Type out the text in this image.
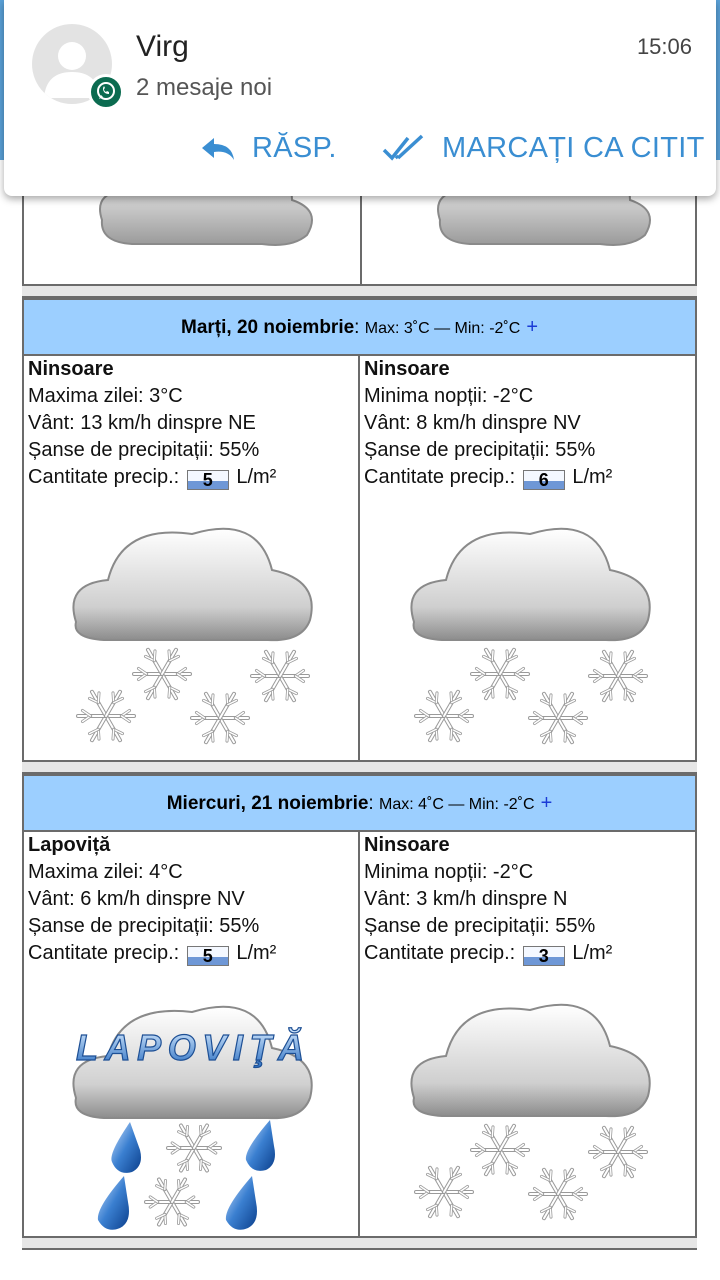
Marți, 20 noiembrie: Max: 3˚C — Min: -2˚C +
Ninsoare
Maxima zilei: 3°C
Vânt: 13 km/h dinspre NE
Șanse de precipitații: 55%
Cantitate precip.: 5 L/m²
Ninsoare
Minima nopții: -2°C
Vânt: 8 km/h dinspre NV
Șanse de precipitații: 55%
Cantitate precip.: 6 L/m²
Miercuri, 21 noiembrie: Max: 4˚C — Min: -2˚C +
Lapoviță
Maxima zilei: 4°C
Vânt: 6 km/h dinspre NV
Șanse de precipitații: 55%
Cantitate precip.: 5 L/m²
Ninsoare
Minima nopții: -2°C
Vânt: 3 km/h dinspre N
Șanse de precipitații: 55%
Cantitate precip.: 3 L/m²
LAPOVIŢĂ
Virg
2 mesaje noi
15:06
RĂSP.	MARCAȚI CA CITIT
